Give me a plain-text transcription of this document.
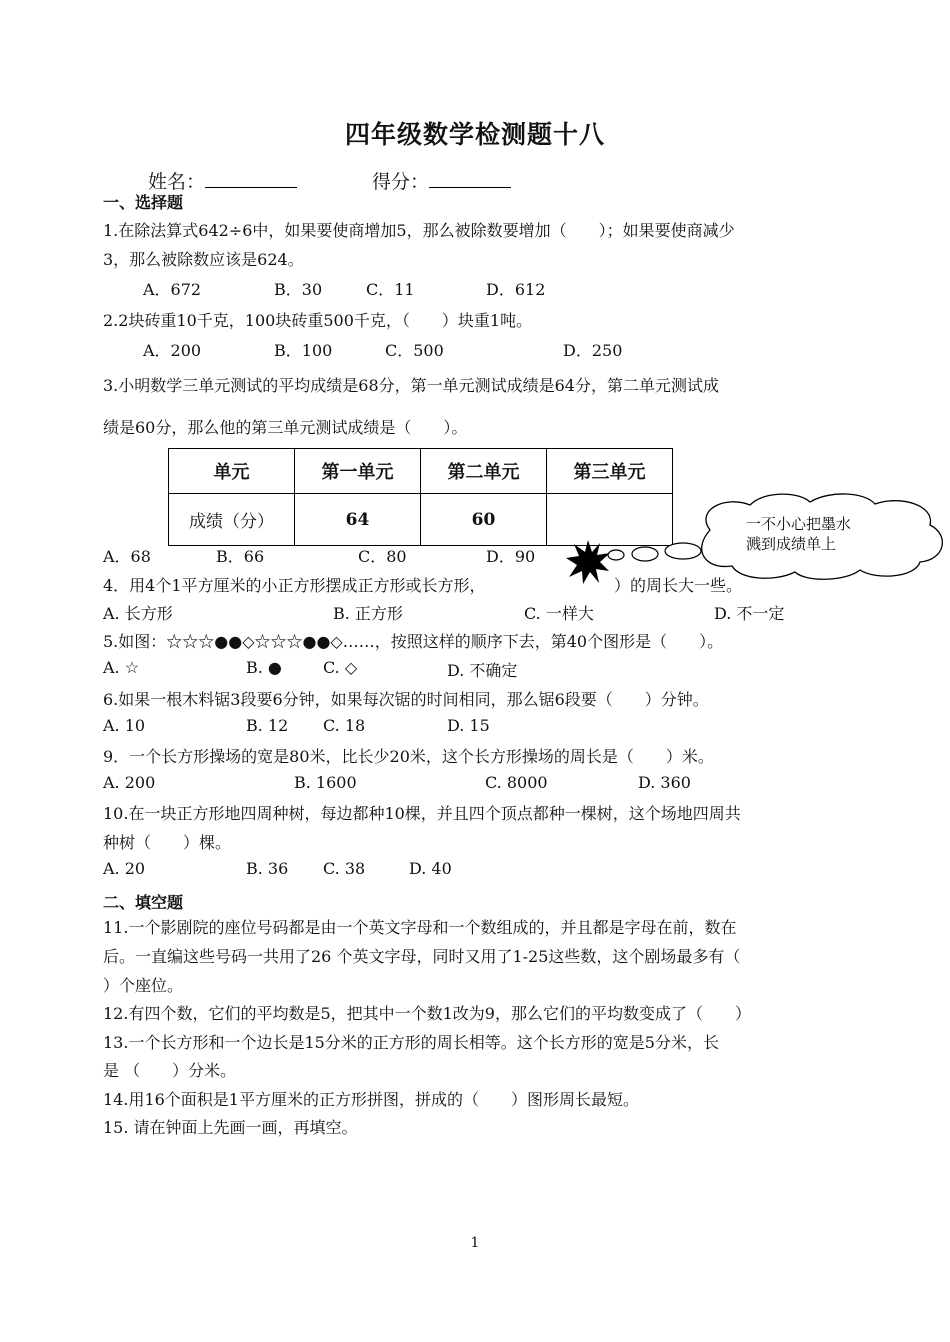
四年级数学检测题十八
姓名：	得分：
一、选择题
1.在除法算式642÷6中，如果要使商增加5，那么被除数要增加（　　）；如果要使商减少
3，那么被除数应该是624。
A．672	B．30	C．11	D．612
2.2块砖重10千克，100块砖重500千克，（　　）块重1吨。
A．200	B．100	C．500	D．250
3.小明数学三单元测试的平均成绩是68分，第一单元测试成绩是64分，第二单元测试成
绩是60分，那么他的第三单元测试成绩是（　　）。
单元	第一单元	第二单元	第三单元
成绩（分）	64	60		一不小心把墨水
溅到成绩单上
A．68	B．66	C．80	D．90
4．用4个1平方厘米的小正方形摆成正方形或长方形，	）的周长大一些。
A. 长方形	B. 正方形	C. 一样大	D. 不一定
5.如图：☆☆☆●●◇☆☆☆●●◇……，按照这样的顺序下去，第40个图形是（　　）。
A. ☆	B. ●	C. ◇	D. 不确定
6.如果一根木料锯3段要6分钟，如果每次锯的时间相同，那么锯6段要（　　）分钟。
A. 10	B. 12 C. 18	D. 15
9．一个长方形操场的宽是80米，比长少20米，这个长方形操场的周长是（　　）米。
A. 200	B. 1600	C. 8000	D. 360
10.在一块正方形地四周种树，每边都种10棵，并且四个顶点都种一棵树，这个场地四周共
种树（　　）棵。
A. 20	B. 36 C. 38	D. 40
二、填空题
11.一个影剧院的座位号码都是由一个英文字母和一个数组成的，并且都是字母在前，数在
后。一直编这些号码一共用了26 个英文字母，同时又用了1-25这些数，这个剧场最多有（
）个座位。
12.有四个数，它们的平均数是5，把其中一个数1改为9，那么它们的平均数变成了（　　）
13.一个长方形和一个边长是15分米的正方形的周长相等。这个长方形的宽是5分米，长
是 （　　）分米。
14.用16个面积是1平方厘米的正方形拼图，拼成的（　　）图形周长最短。
15. 请在钟面上先画一画，再填空。
1
